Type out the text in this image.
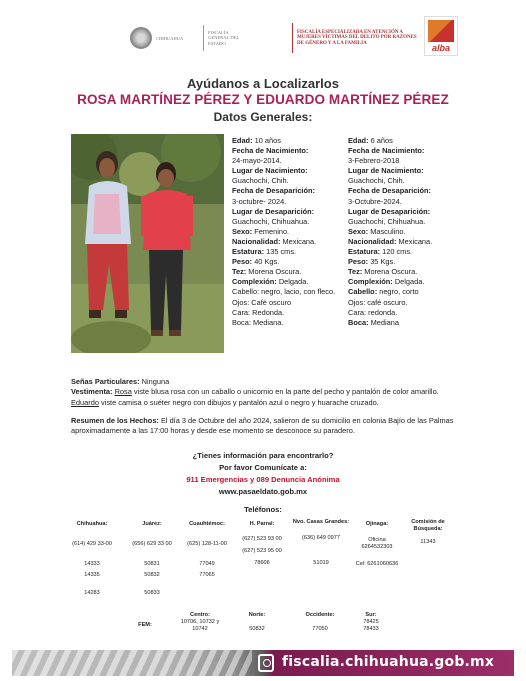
CHIHUAHUA
FISCALÍA GENERAL DEL ESTADO
FISCALÍA ESPECIALIZADA EN ATENCIÓN A MUJERES VÍCTIMAS DEL DELITO POR RAZONES DE GÉNERO Y A LA FAMILIA	alba
Ayúdanos a Localizarlos
ROSA MARTÍNEZ PÉREZ Y EDUARDO MARTÍNEZ PÉREZ
Datos Generales:
Edad: 10 años
Fecha de Nacimiento:
24-mayo-2014.
Lugar de Nacimiento:
Guachochi, Chih.
Fecha de Desaparición:
3-octubre- 2024.
Lugar de Desaparición:
Guachochi, Chihuahua.
Sexo: Femenino.
Nacionalidad: Mexicana.
Estatura: 135 cms.
Peso: 40 Kgs.
Tez: Morena Oscura.
Complexión: Delgada.
Cabello: negro, lacio, con fleco.
Ojos: Café oscuro
Cara: Redonda.
Boca: Mediana.
Edad: 6 años
Fecha de Nacimiento:
3-Febrero-2018
Lugar de Nacimiento:
Guachochi, Chih.
Fecha de Desaparición:
3-Octubre-2024.
Lugar de Desaparición:
Guachochi, Chihuahua.
Sexo: Masculino.
Nacionalidad: Mexicana.
Estatura: 120 cms.
Peso: 35 Kgs.
Tez: Morena Oscura.
Complexión: Delgada.
Cabello: negro, corto
Ojos: café oscuro.
Cara: redonda.
Boca: Mediana
Señas Particulares: Ninguna
Vestimenta: Rosa viste blusa rosa con un caballo o unicornio en la parte del pecho y pantalón de color amarillo. Eduardo viste camisa o suéter negro con dibujos y pantalón azul o negro y huarache cruzado.
Resumen de los Hechos: El día 3 de Octubre del año 2024, salieron de su domicilio en colonia Bajío de las Palmas aproximadamente a las 17:00 horas y desde ese momento se desconoce su paradero.
¿Tienes información para encontrarlo?
Por favor Comunícate a:
911 Emergencias y 089 Denuncia Anónima
www.pasaeldato.gob.mx
Teléfonos:
Chihuahua:
(614) 429 33-00
14333
14335
14283
Juárez:
(656) 629 33 00
50831
50832
50833
Cuauhtémoc:
(625) 128-11-00
77049
77065
H. Parral:
(627) 523 93 00
(627) 523 95 00
78606
Nvo. Casas Grandes:
(636) 649 0977
51019
Ojinaga:
Oficina
6264532303
Cel: 6261060636
Comisión de Búsqueda:
11343
FEM:
Centro:
10706, 10732 y 10742
Norte:
50832
Occidente:
77050
Sur:
78425
78433
fiscalia.chihuahua.gob.mx
